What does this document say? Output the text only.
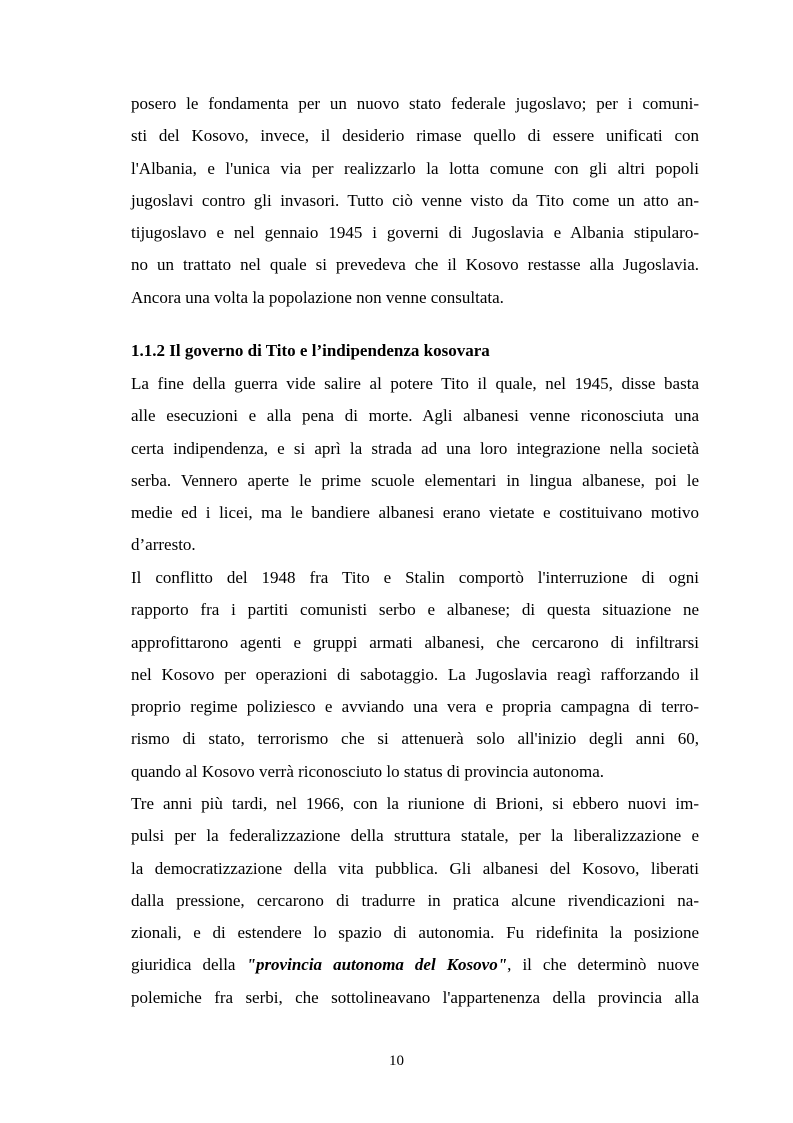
posero le fondamenta per un nuovo stato federale jugoslavo; per i comuni-
sti del Kosovo, invece, il desiderio rimase quello di essere unificati con
l'Albania, e l'unica via per realizzarlo la lotta comune con gli altri popoli
jugoslavi contro gli invasori. Tutto ciò venne visto da Tito come un atto an-
tijugoslavo e nel gennaio 1945 i governi di Jugoslavia e Albania stipularo-
no un trattato nel quale si prevedeva che il Kosovo restasse alla Jugoslavia.
Ancora una volta la popolazione non venne consultata.
1.1.2 Il governo di Tito e l’indipendenza kosovara
La fine della guerra vide salire al potere Tito il quale, nel 1945, disse basta
alle esecuzioni e alla pena di morte. Agli albanesi venne riconosciuta una
certa indipendenza, e si aprì la strada ad una loro integrazione nella società
serba. Vennero aperte le prime scuole elementari in lingua albanese, poi le
medie ed i licei, ma le bandiere albanesi erano vietate e costituivano motivo
d’arresto.
Il conflitto del 1948 fra Tito e Stalin comportò l'interruzione di ogni
rapporto fra i partiti comunisti serbo e albanese; di questa situazione ne
approfittarono agenti e gruppi armati albanesi, che cercarono di infiltrarsi
nel Kosovo per operazioni di sabotaggio. La Jugoslavia reagì rafforzando il
proprio regime poliziesco e avviando una vera e propria campagna di terro-
rismo di stato, terrorismo che si attenuerà solo all'inizio degli anni 60,
quando al Kosovo verrà riconosciuto lo status di provincia autonoma.
Tre anni più tardi, nel 1966, con la riunione di Brioni, si ebbero nuovi im-
pulsi per la federalizzazione della struttura statale, per la liberalizzazione e
la democratizzazione della vita pubblica. Gli albanesi del Kosovo, liberati
dalla pressione, cercarono di tradurre in pratica alcune rivendicazioni na-
zionali, e di estendere lo spazio di autonomia. Fu ridefinita la posizione
giuridica della "provincia autonoma del Kosovo", il che determinò nuove
polemiche fra serbi, che sottolineavano l'appartenenza della provincia alla
10
